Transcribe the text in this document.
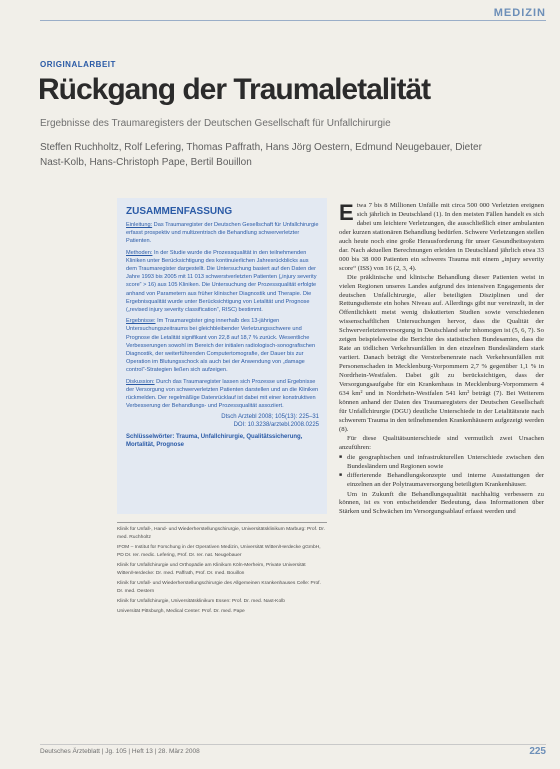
MEDIZIN
ORIGINALARBEIT
Rückgang der Traumaletalität
Ergebnisse des Traumaregisters der Deutschen Gesellschaft für Unfallchirurgie
Steffen Ruchholtz, Rolf Lefering, Thomas Paffrath, Hans Jörg Oestern, Edmund Neugebauer, Dieter Nast-Kolb, Hans-Christoph Pape, Bertil Bouillon
ZUSAMMENFASSUNG

Einleitung: Das Traumaregister der Deutschen Gesellschaft für Unfallchirurgie erfasst prospektiv und multizentrisch die Behandlung schwerverletzter Patienten.

Methoden: In der Studie wurde die Prozessqualität in den teilnehmenden Kliniken unter Berücksichtigung des kontinuierlichen Jahresrückblicks aus dem Traumaregister dargestellt. Die Untersuchung basiert auf den Daten der Jahre 1993 bis 2005 mit 11 013 schwerstverletzten Patienten („injury severity score“ > 16) aus 105 Kliniken. Die Untersuchung der Prozessqualität erfolgte anhand von Parametern aus früher klinischer Diagnostik und Therapie. Die Ergebnisqualität wurde unter Berücksichtigung von Letalität und Prognose („revised injury severity classification“, RISC) bestimmt.

Ergebnisse: Im Traumaregister ging innerhalb des 13-jährigen Untersuchungszeitraums bei gleichbleibender Verletzungsschwere und Prognose die Letalität signifikant von 22,8 auf 18,7 % zurück. Wesentliche Verbesserungen sowohl im Bereich der initialen radiologisch-sonografischen Diagnostik, der weiterführenden Computertomografie, der Dauer bis zur Operation im Blutungsschock als auch bei der Anwendung von „damage control“-Strategien ließen sich aufzeigen.

Diskussion: Durch das Traumaregister lassen sich Prozesse und Ergebnisse der Versorgung von schwerverletzten Patienten darstellen und an die Kliniken rückmelden. Der regelmäßige Datenrücklauf ist dabei mit einer konstruktiven Verbesserung der Behandlungs- und Prozessqualität assoziiert.

Dtsch Arztebl 2008; 105(13): 225–31
DOI: 10.3238/arztebl.2008.0225
Schlüsselwörter: Trauma, Unfallchirurgie, Qualitätssicherung, Mortalität, Prognose

Klinik für Unfall-, Hand- und Wiederherstellungschirurgie, Universitätsklinikum Marburg: Prof. Dr. med. Ruchholtz

IFOM – Institut für Forschung in der Operativen Medizin, Universität Witten/Herdecke gGmbH, PD Dr. rer. medic. Lefering, Prof. Dr. rer. nat. Neugebauer

Klinik für Unfallchirurgie und Orthopädie am Klinikum Köln-Merheim, Private Universität Witten/Herdecke: Dr. med. Paffrath, Prof. Dr. med. Bouillon

Klinik für Unfall- und Wiederherstellungschirurgie des Allgemeinen Krankenhauses Celle: Prof. Dr. med. Oestern

Klinik für Unfallchirurgie, Universitätsklinikum Essen: Prof. Dr. med. Nast-Kolb

Universität Pittsburgh, Medical Center: Prof. Dr. med. Pape

Etwa 7 bis 8 Millionen Unfälle mit circa 500 000 Verletzten ereignen sich jährlich in Deutschland (1). In den meisten Fällen handelt es sich dabei um leichtere Verletzungen, die ausschließlich einer ambulanten oder kurzen stationären Behandlung bedürfen. Schwere Verletzungen stellen auch heute noch eine große Herausforderung für unser Gesundheitssystem dar. Nach aktuellen Berechnungen erleiden in Deutschland jährlich etwa 33 000 bis 38 000 Patienten ein schweres Trauma mit einem „injury severity score“ (ISS) von 16 (2, 3, 4).

Die präklinische und klinische Behandlung dieser Patienten weist in vielen Regionen unseres Landes aufgrund des intensiven Engagements der deutschen Unfallchirurgie, aller beteiligten Disziplinen und der Rettungsdienste ein hohes Niveau auf. Allerdings gibt nur vereinzelt, in der Öffentlichkeit meist wenig diskutierten Studien sowie verschiedenen wissenschaftlichen Untersuchungen hervor, dass die Qualität der Schwerverletztenversorgung in Deutschland sehr inhomogen ist (5, 6, 7). So zeigen beispielsweise die Berichte des statistischen Bundesamtes, dass die Rate an tödlichen Verkehrsunfällen in den einzelnen Bundesländern stark variiert. Danach beträgt die Verstorbenenrate nach Verkehrsunfällen mit Personenschaden in Mecklenburg-Vorpommern 2,7 % gegenüber 1,1 % in Nordrhein-Westfalen. Dabei gilt zu berücksichtigen, dass der Versorgungsaufgabe für ein Krankenhaus in Mecklenburg-Vorpommern 4 634 km² und in Nordrhein-Westfalen 541 km² beträgt (7). Bei Weiterem können anhand der Daten des Traumaregisters der Deutschen Gesellschaft für Unfallchirurgie (DGU) deutliche Unterschiede in der Letalitätsrate nach schwerem Trauma in den teilnehmenden Krankenhäusern aufgezeigt werden (8).

Für diese Qualitätsunterschiede sind vermutlich zwei Ursachen anzuführen:

■ die geographischen und infrastrukturellen Unterschiede zwischen den Bundesländern und Regionen sowie
■ differierende Behandlungskonzepte und interne Ausstattungen der einzelnen an der Polytraumaversorgung beteiligten Krankenhäuser.

Um in Zukunft die Behandlungsqualität nachhaltig verbessern zu können, ist es von entscheidender Bedeutung, dass Informationen über Stärken und Schwächen im Versorgungsablauf erfasst werden und

Deutsches Ärzteblatt | Jg. 105 | Heft 13 | 28. März 2008	225
